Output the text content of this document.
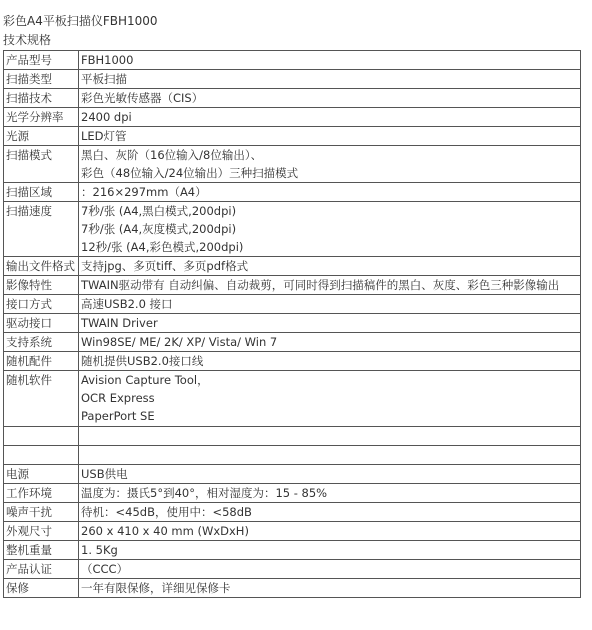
彩色A4平板扫描仪FBH1000
技术规格
产品型号	FBH1000

扫描类型	平板扫描

扫描技术	彩色光敏传感器（CIS）

光学分辨率	2400 dpi

光源	LED灯管

扫描模式	黑白、灰阶（16位输入/8位输出）、
彩色（48位输入/24位输出）三种扫描模式

扫描区域	：216×297mm（A4）

扫描速度	7秒/张 (A4,黑白模式,200dpi)
7秒/张 (A4,灰度模式,200dpi)
12秒/张 (A4,彩色模式,200dpi)

输出文件格式	支持jpg、多页tiff、多页pdf格式

影像特性	TWAIN驱动带有 自动纠偏、自动裁剪，可同时得到扫描稿件的黑白、灰度、彩色三种影像输出

接口方式	高速USB2.0 接口

驱动接口	TWAIN Driver

支持系统	Win98SE/ ME/ 2K/ XP/ Vista/ Win 7

随机配件	随机提供USB2.0接口线

随机软件	Avision Capture Tool，
OCR Express
PaperPort SE

电源	USB供电

工作环境	温度为：摄氏5°到40°，相对湿度为：15 - 85%

噪声干扰	待机：<45dB，使用中：<58dB

外观尺寸	260 x 410 x 40 mm (WxDxH)

整机重量	1. 5Kg

产品认证	（CCC）

保修	一年有限保修，详细见保修卡
